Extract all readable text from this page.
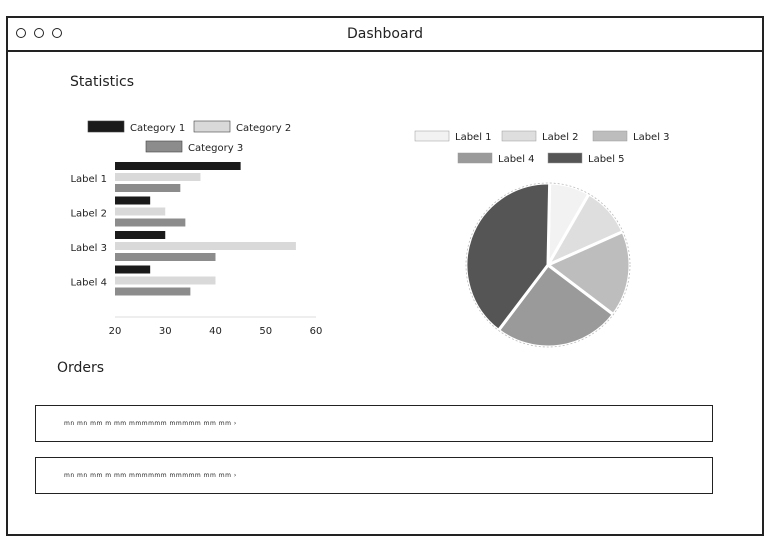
Dashboard
Statistics
Category 1	Category 2
Category 3
Label 1
Label 2
Label 3
Label 4
20	30	40	50	60
Label 1	Label 2	Label 3
Label 4	Label 5
Orders
mn mn mm m mm mmmmmm mmmmm mm mm ›
mn mn mm m mm mmmmmm mmmmm mm mm ›
